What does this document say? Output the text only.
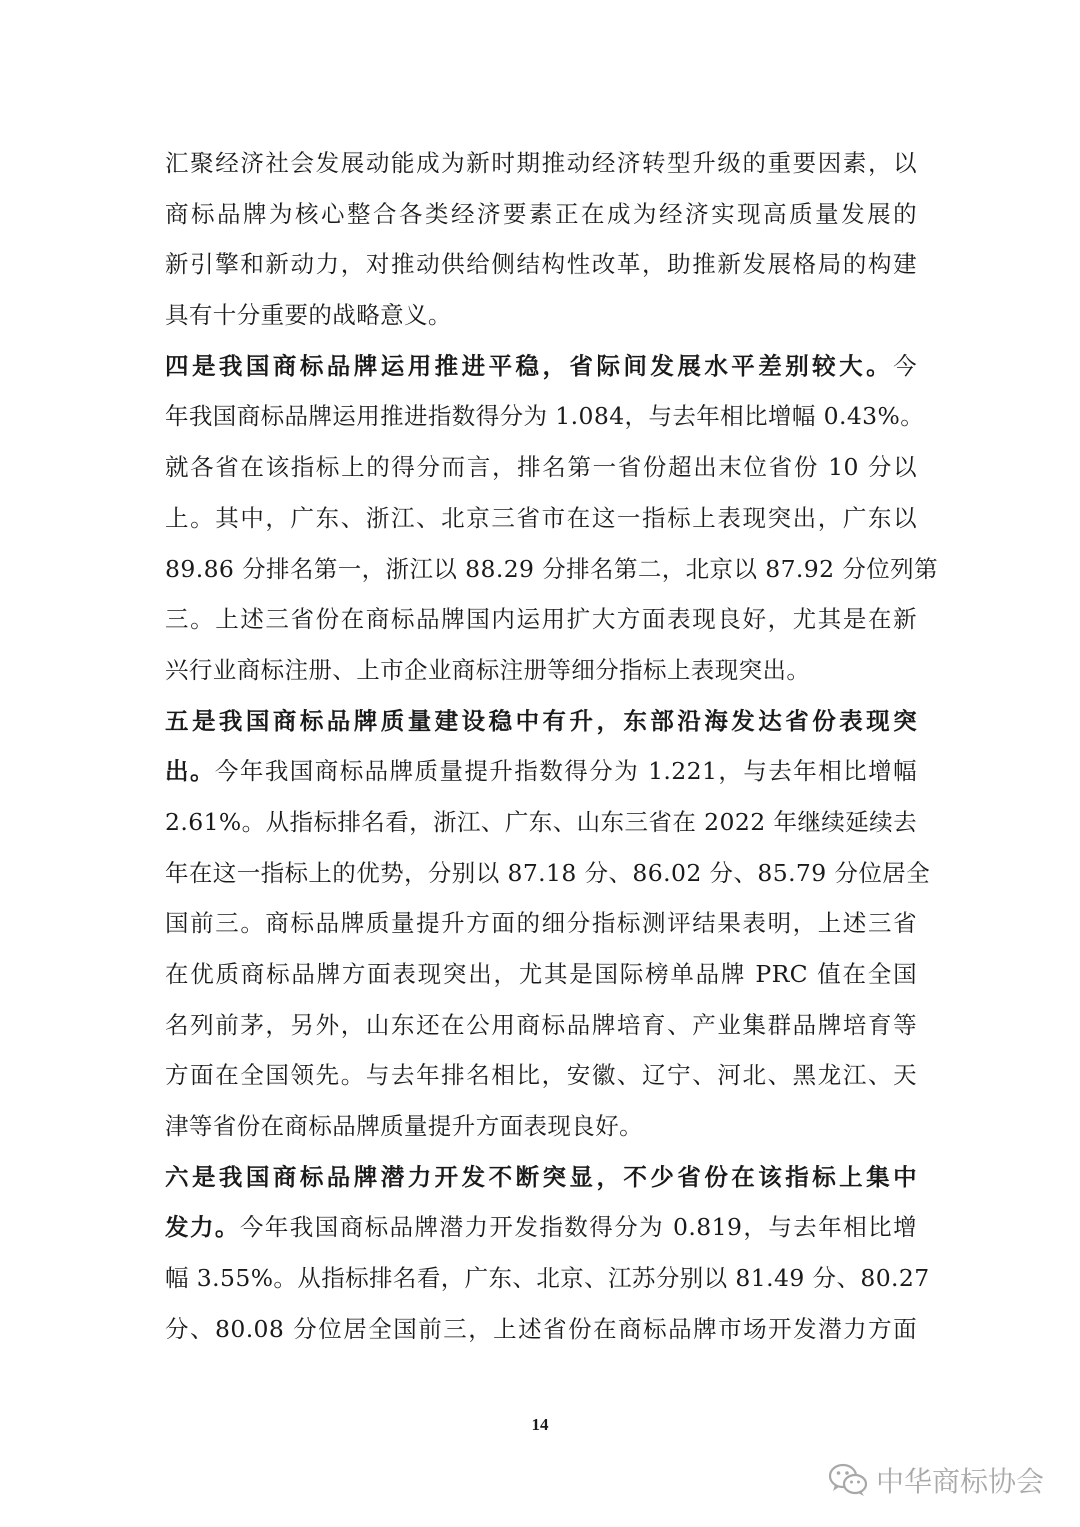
汇聚经济社会发展动能成为新时期推动经济转型升级的重要因素，以
商标品牌为核心整合各类经济要素正在成为经济实现高质量发展的
新引擎和新动力，对推动供给侧结构性改革，助推新发展格局的构建
具有十分重要的战略意义。
四是我国商标品牌运用推进平稳，省际间发展水平差别较大。今
年我国商标品牌运用推进指数得分为 1.084，与去年相比增幅 0.43%。
就各省在该指标上的得分而言，排名第一省份超出末位省份 10 分以
上。其中，广东、浙江、北京三省市在这一指标上表现突出，广东以
89.86 分排名第一，浙江以 88.29 分排名第二，北京以 87.92 分位列第
三。上述三省份在商标品牌国内运用扩大方面表现良好，尤其是在新
兴行业商标注册、上市企业商标注册等细分指标上表现突出。
五是我国商标品牌质量建设稳中有升，东部沿海发达省份表现突
出。今年我国商标品牌质量提升指数得分为 1.221，与去年相比增幅
2.61%。从指标排名看，浙江、广东、山东三省在 2022 年继续延续去
年在这一指标上的优势，分别以 87.18 分、86.02 分、85.79 分位居全
国前三。商标品牌质量提升方面的细分指标测评结果表明，上述三省
在优质商标品牌方面表现突出，尤其是国际榜单品牌 PRC 值在全国
名列前茅，另外，山东还在公用商标品牌培育、产业集群品牌培育等
方面在全国领先。与去年排名相比，安徽、辽宁、河北、黑龙江、天
津等省份在商标品牌质量提升方面表现良好。
六是我国商标品牌潜力开发不断突显，不少省份在该指标上集中
发力。今年我国商标品牌潜力开发指数得分为 0.819，与去年相比增
幅 3.55%。从指标排名看，广东、北京、江苏分别以 81.49 分、80.27
分、80.08 分位居全国前三，上述省份在商标品牌市场开发潜力方面
14
中华商标协会
